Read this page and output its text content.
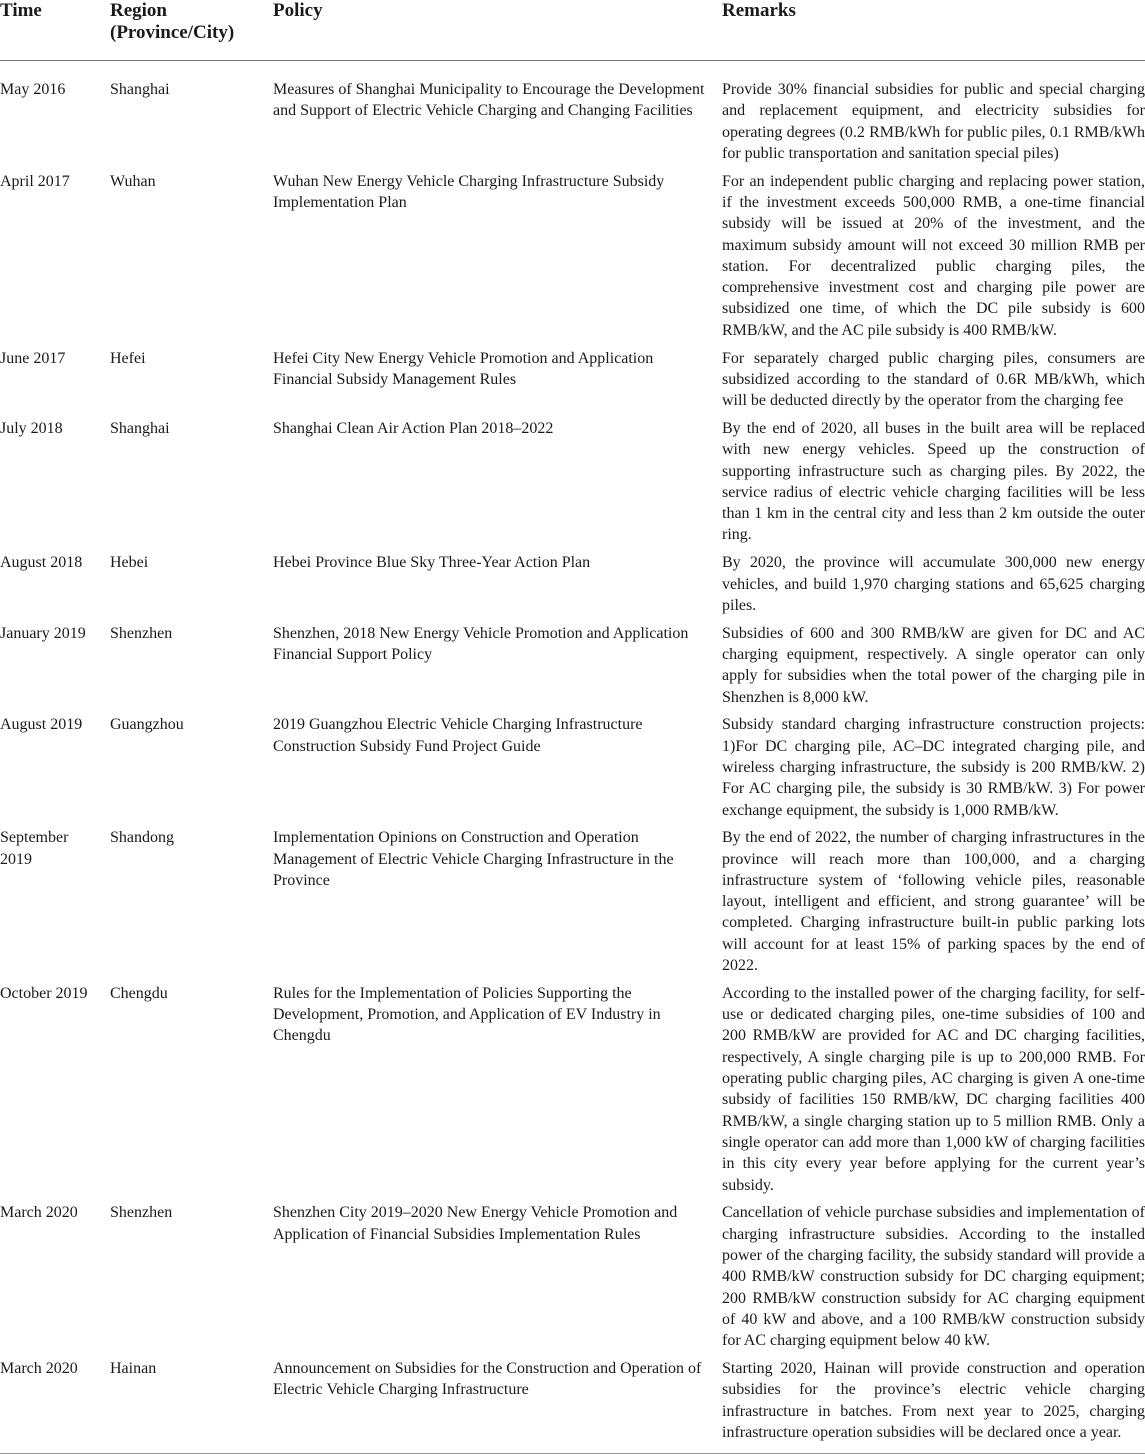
Time	Region (Province/City)	Policy	Remarks
May 2016	Shanghai	Measures of Shanghai Municipality to Encourage the Development and Support of Electric Vehicle Charging and Changing Facilities	Provide 30% financial subsidies for public and special charging and replacement equipment, and electricity subsidies for operating degrees (0.2 RMB/kWh for public piles, 0.1 RMB/kWh for public transportation and sanitation special piles)
April 2017	Wuhan	Wuhan New Energy Vehicle Charging Infrastructure Subsidy Implementation Plan	For an independent public charging and replacing power station, if the investment exceeds 500,000 RMB, a one-time financial subsidy will be issued at 20% of the investment, and the maximum subsidy amount will not exceed 30 million RMB per station. For decentralized public charging piles, the comprehensive investment cost and charging pile power are subsidized one time, of which the DC pile subsidy is 600 RMB/kW, and the AC pile subsidy is 400 RMB/kW.
June 2017	Hefei	Hefei City New Energy Vehicle Promotion and Application Financial Subsidy Management Rules	For separately charged public charging piles, consumers are subsidized according to the standard of 0.6R MB/kWh, which will be deducted directly by the operator from the charging fee
July 2018	Shanghai	Shanghai Clean Air Action Plan 2018–2022	By the end of 2020, all buses in the built area will be replaced with new energy vehicles. Speed up the construction of supporting infrastructure such as charging piles. By 2022, the service radius of electric vehicle charging facilities will be less than 1 km in the central city and less than 2 km outside the outer ring.
August 2018	Hebei	Hebei Province Blue Sky Three-Year Action Plan	By 2020, the province will accumulate 300,000 new energy vehicles, and build 1,970 charging stations and 65,625 charging piles.
January 2019	Shenzhen	Shenzhen, 2018 New Energy Vehicle Promotion and Application Financial Support Policy	Subsidies of 600 and 300 RMB/kW are given for DC and AC charging equipment, respectively. A single operator can only apply for subsidies when the total power of the charging pile in Shenzhen is 8,000 kW.
August 2019	Guangzhou	2019 Guangzhou Electric Vehicle Charging Infrastructure Construction Subsidy Fund Project Guide	Subsidy standard charging infrastructure construction projects: 1)For DC charging pile, AC–DC integrated charging pile, and wireless charging infrastructure, the subsidy is 200 RMB/kW. 2) For AC charging pile, the subsidy is 30 RMB/kW. 3) For power exchange equipment, the subsidy is 1,000 RMB/kW.
September 2019	Shandong	Implementation Opinions on Construction and Operation Management of Electric Vehicle Charging Infrastructure in the Province	By the end of 2022, the number of charging infrastructures in the province will reach more than 100,000, and a charging infrastructure system of ‘following vehicle piles, reasonable layout, intelligent and efficient, and strong guarantee’ will be completed. Charging infrastructure built-in public parking lots will account for at least 15% of parking spaces by the end of 2022.
October 2019	Chengdu	Rules for the Implementation of Policies Supporting the Development, Promotion, and Application of EV Industry in Chengdu	According to the installed power of the charging facility, for self-use or dedicated charging piles, one-time subsidies of 100 and 200 RMB/kW are provided for AC and DC charging facilities, respectively, A single charging pile is up to 200,000 RMB. For operating public charging piles, AC charging is given A one-time subsidy of facilities 150 RMB/kW, DC charging facilities 400 RMB/kW, a single charging station up to 5 million RMB. Only a single operator can add more than 1,000 kW of charging facilities in this city every year before applying for the current year’s subsidy.
March 2020	Shenzhen	Shenzhen City 2019–2020 New Energy Vehicle Promotion and Application of Financial Subsidies Implementation Rules	Cancellation of vehicle purchase subsidies and implementation of charging infrastructure subsidies. According to the installed power of the charging facility, the subsidy standard will provide a 400 RMB/kW construction subsidy for DC charging equipment; 200 RMB/kW construction subsidy for AC charging equipment of 40 kW and above, and a 100 RMB/kW construction subsidy for AC charging equipment below 40 kW.
March 2020	Hainan	Announcement on Subsidies for the Construction and Operation of Electric Vehicle Charging Infrastructure	Starting 2020, Hainan will provide construction and operation subsidies for the province’s electric vehicle charging infrastructure in batches. From next year to 2025, charging infrastructure operation subsidies will be declared once a year.
